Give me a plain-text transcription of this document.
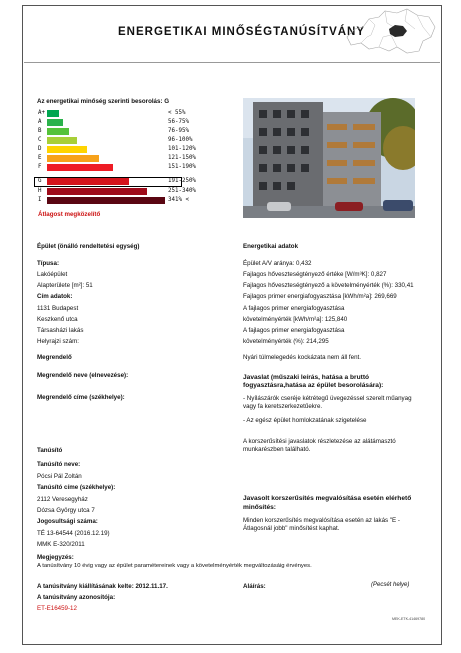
ENERGETIKAI MINŐSÉGTANÚSÍTVÁNY
Az energetikai minőség szerinti besorolás: G
A+	< 55%
A	56-75%
B	76-95%
C	96-100%
D	101-120%
E	121-150%
F	151-190%
G	191-250%
H	251-340%
I	341% <
Átlagost megközelítő
Épület (önálló rendeltetési egység)
Típusa:
Lakóépület
Alapterülete [m²]: 51
Cím adatok:
1131 Budapest
Keszkenő utca
Társasházi lakás
Helyrajzi szám:
Energetikai adatok
Épület A/V aránya: 0,432
Fajlagos hőveszteségtényező értéke [W/m³K]: 0,827
Fajlagos hőveszteségtényező a követelményérték (%): 330,41
Fajlagos primer energiafogyasztása [kWh/m²a]: 269,669
A fajlagos primer energiafogyasztása
követelményérték [kWh/m²a]: 125,840
A fajlagos primer energiafogyasztása
követelményérték (%): 214,295
Megrendelő
Megrendelő neve (elnevezése):
Megrendelő címe (székhelye):
Nyári túlmelegedés kockázata nem áll fent.
Javaslat (műszaki leírás, hatása a bruttó fogyasztásra,hatása az épület besorolására):
- Nyílászárók cseréje kétrétegű üvegezéssel szerelt műanyag vagy fa keretszerkezetűekre.
- Az egész épület homlokzatának szigetelése
A korszerűsítési javaslatok részletezése az alátámasztó munkarészben található.
Tanúsító
Tanúsító neve:
Pócsi Pál Zoltán
Tanúsító címe (székhelye):
2112 Veresegyház
Dózsa György utca 7
Jogosultsági száma:
TÉ 13-64544 (2016.12.19)
MMK E-320/2011
Javasolt korszerűsítés megvalósítása esetén elérhető minősítés:
Minden korszerűsítés megvalósítása esetén az lakás "E - Átlagosnál jobb" minősítést kaphat.
Megjegyzés:
A tanúsítvány 10 évig vagy az épület paramétereinek vagy a követelményérték megváltozásáig érvényes.
A tanúsítvány kiállításának kelte: 2012.11.17.	Aláírás:	(Pecsét helye)
A tanúsítvány azonosítója:
ET-E16459-12
MEK-ETK-41469780
